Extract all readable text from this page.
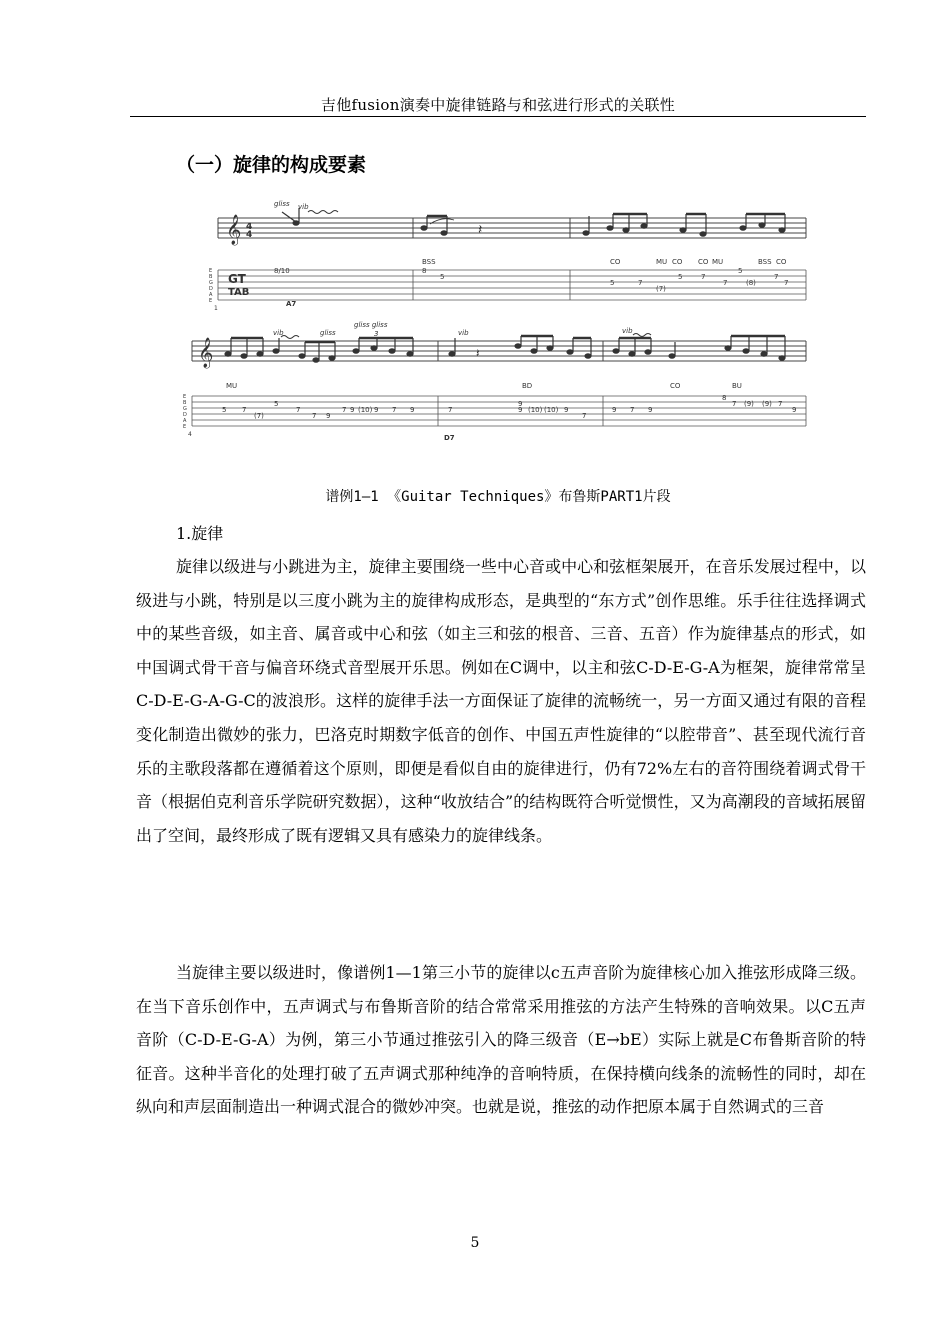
吉他fusion演奏中旋律链路与和弦进行形式的关联性
（一）旋律的构成要素
𝄞 4
4
gliss vib
𝄽
BSS	CO	MU CO CO MU	BSS CO
E
B
G
D
A
E
GT
TAB
1
8/10	8
5
5	7
5	7
7	(8)
5
7
(7)
7
A7
𝄞
vib	gliss
gliss gliss
3	vib	vib
𝄽
MU	BD	CO	BU
E
B
G
D
A
E
4
5 7
(7)
5
7
7 9
7 9 (10) 9 7 9	7
9
9 (10) (10) 9
7
9 7 9
8
7 (9) (9) 7
9
D7
谱例1—1 《Guitar Techniques》布鲁斯PART1片段
1.旋律

旋律以级进与小跳进为主，旋律主要围绕一些中心音或中心和弦框架展开，在音乐发展过程中，以级进与小跳，特别是以三度小跳为主的旋律构成形态，是典型的“东方式”创作思维。乐手往往选择调式中的某些音级，如主音、属音或中心和弦（如主三和弦的根音、三音、五音）作为旋律基点的形式，如中国调式骨干音与偏音环绕式音型展开乐思。例如在C调中，以主和弦C-D-E-G-A为框架，旋律常常呈C-D-E-G-A-G-C的波浪形。这样的旋律手法一方面保证了旋律的流畅统一，另一方面又通过有限的音程变化制造出微妙的张力，巴洛克时期数字低音的创作、中国五声性旋律的“以腔带音”、甚至现代流行音乐的主歌段落都在遵循着这个原则，即便是看似自由的旋律进行，仍有72%左右的音符围绕着调式骨干音（根据伯克利音乐学院研究数据），这种“收放结合”的结构既符合听觉惯性，又为高潮段的音域拓展留出了空间，最终形成了既有逻辑又具有感染力的旋律线条。

当旋律主要以级进时，像谱例1—1第三小节的旋律以c五声音阶为旋律核心加入推弦形成降三级。在当下音乐创作中，五声调式与布鲁斯音阶的结合常常采用推弦的方法产生特殊的音响效果。以C五声音阶（C-D-E-G-A）为例，第三小节通过推弦引入的降三级音（E→bE）实际上就是C布鲁斯音阶的特征音。这种半音化的处理打破了五声调式那种纯净的音响特质，在保持横向线条的流畅性的同时，却在纵向和声层面制造出一种调式混合的微妙冲突。也就是说，推弦的动作把原本属于自然调式的三音

5
